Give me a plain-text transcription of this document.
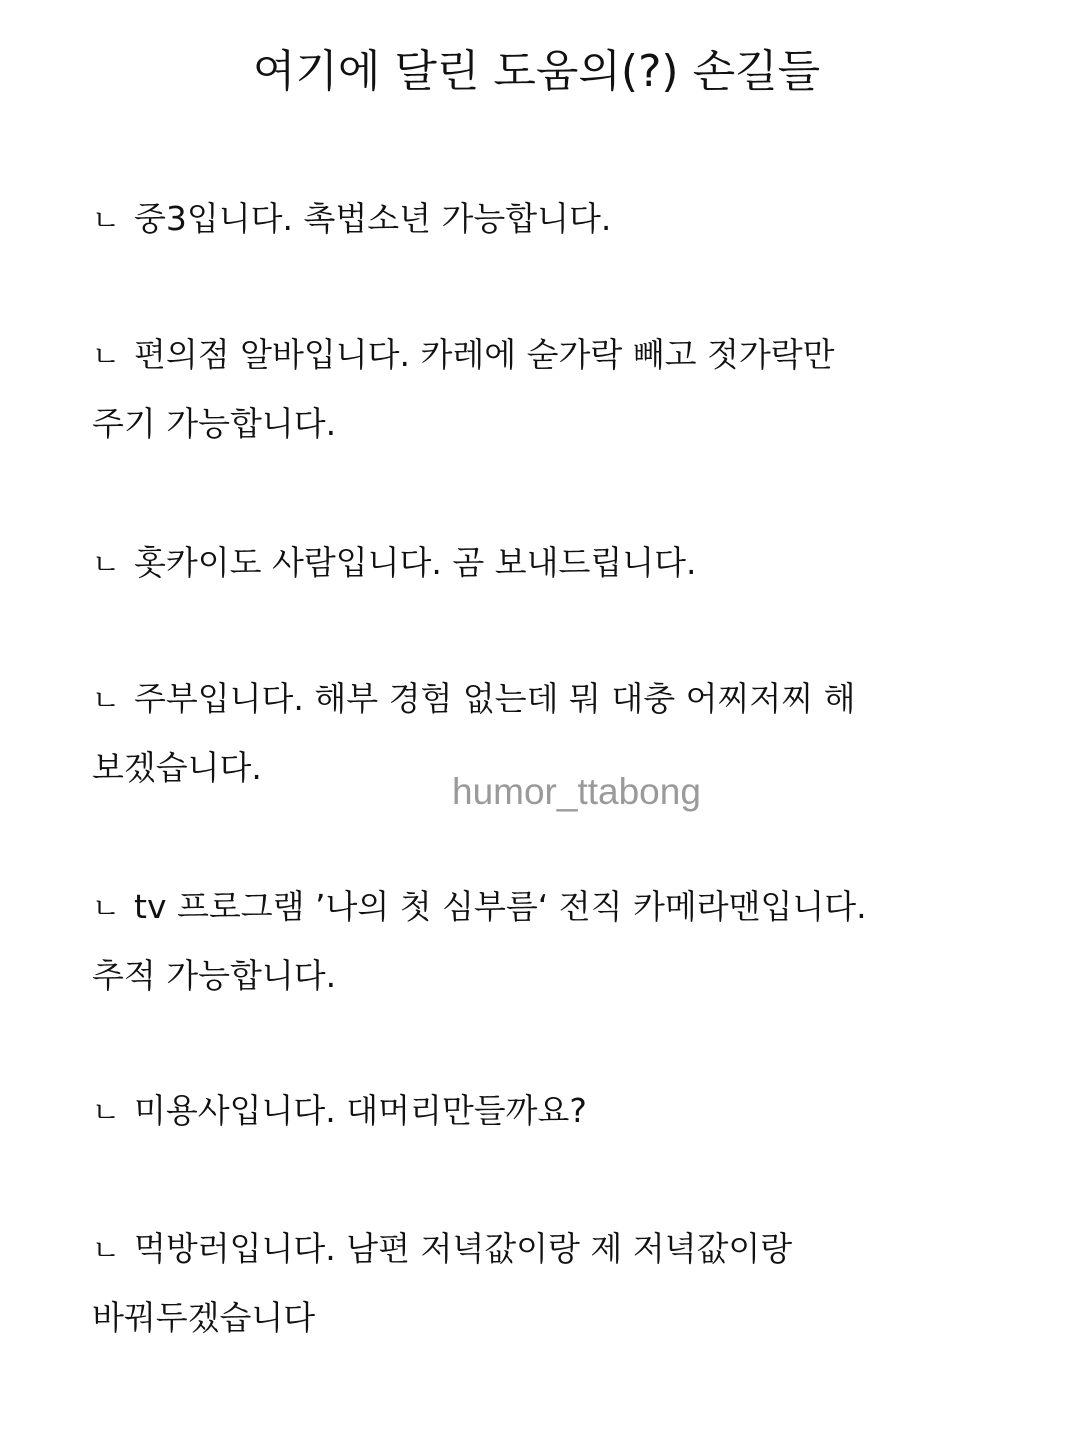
여기에 달린 도움의(?) 손길들
ㄴ 중3입니다. 촉법소년 가능합니다.
ㄴ 편의점 알바입니다. 카레에 숟가락 빼고 젓가락만
주기 가능합니다.
ㄴ 홋카이도 사람입니다. 곰 보내드립니다.
ㄴ 주부입니다. 해부 경험 없는데 뭐 대충 어찌저찌 해
보겠습니다.
humor_ttabong
ㄴ tv 프로그램 ’나의 첫 심부름‘ 전직 카메라맨입니다.
추적 가능합니다.
ㄴ 미용사입니다. 대머리만들까요?
ㄴ 먹방러입니다. 남편 저녁값이랑 제 저녁값이랑
바꿔두겠습니다
